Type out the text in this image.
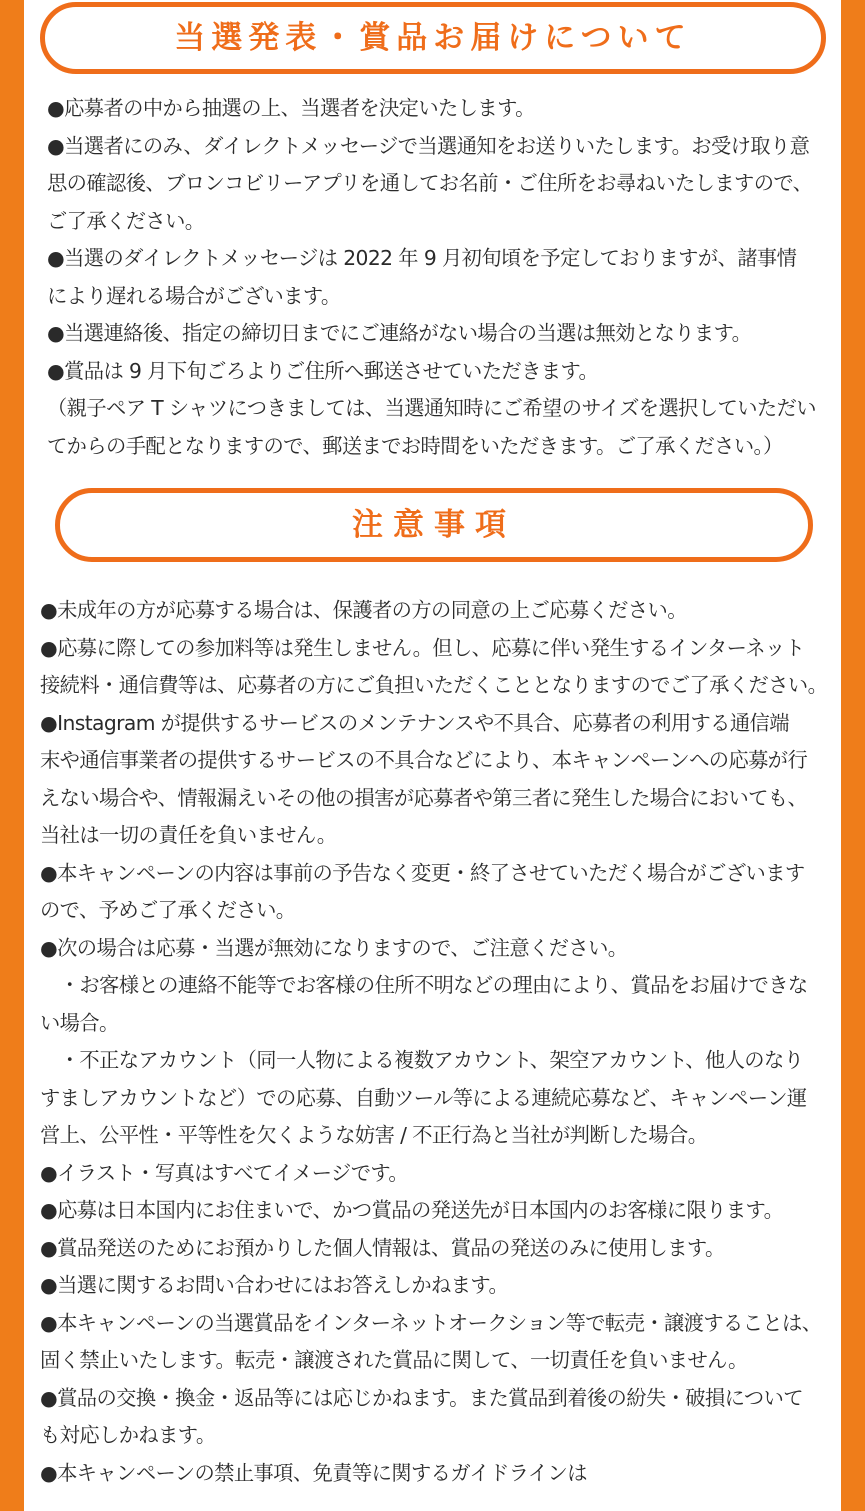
当選発表・賞品お届けについて

●応募者の中から抽選の上、当選者を決定いたします。

●当選者にのみ、ダイレクトメッセージで当選通知をお送りいたします。お受け取り意

思の確認後、ブロンコビリーアプリを通してお名前・ご住所をお尋ねいたしますので、

ご了承ください。

●当選のダイレクトメッセージは 2022 年 9 月初旬頃を予定しておりますが、諸事情

により遅れる場合がございます。

●当選連絡後、指定の締切日までにご連絡がない場合の当選は無効となります。

●賞品は 9 月下旬ごろよりご住所へ郵送させていただきます。

（親子ペア T シャツにつきましては、当選通知時にご希望のサイズを選択していただい

てからの手配となりますので、郵送までお時間をいただきます。ご了承ください。）

注意事項

●未成年の方が応募する場合は、保護者の方の同意の上ご応募ください。

●応募に際しての参加料等は発生しません。但し、応募に伴い発生するインターネット

接続料・通信費等は、応募者の方にご負担いただくこととなりますのでご了承ください。

●Instagram が提供するサービスのメンテナンスや不具合、応募者の利用する通信端

末や通信事業者の提供するサービスの不具合などにより、本キャンペーンへの応募が行

えない場合や、情報漏えいその他の損害が応募者や第三者に発生した場合においても、

当社は一切の責任を負いません。

●本キャンペーンの内容は事前の予告なく変更・終了させていただく場合がございます

ので、予めご了承ください。

●次の場合は応募・当選が無効になりますので、ご注意ください。

　・お客様との連絡不能等でお客様の住所不明などの理由により、賞品をお届けできな

い場合。

　・不正なアカウント（同一人物による複数アカウント、架空アカウント、他人のなり

すましアカウントなど）での応募、自動ツール等による連続応募など、キャンペーン運

営上、公平性・平等性を欠くような妨害 / 不正行為と当社が判断した場合。

●イラスト・写真はすべてイメージです。

●応募は日本国内にお住まいで、かつ賞品の発送先が日本国内のお客様に限ります。

●賞品発送のためにお預かりした個人情報は、賞品の発送のみに使用します。

●当選に関するお問い合わせにはお答えしかねます。

●本キャンペーンの当選賞品をインターネットオークション等で転売・譲渡することは、

固く禁止いたします。転売・譲渡された賞品に関して、一切責任を負いません。

●賞品の交換・換金・返品等には応じかねます。また賞品到着後の紛失・破損について

も対応しかねます。

●本キャンペーンの禁止事項、免責等に関するガイドラインは
